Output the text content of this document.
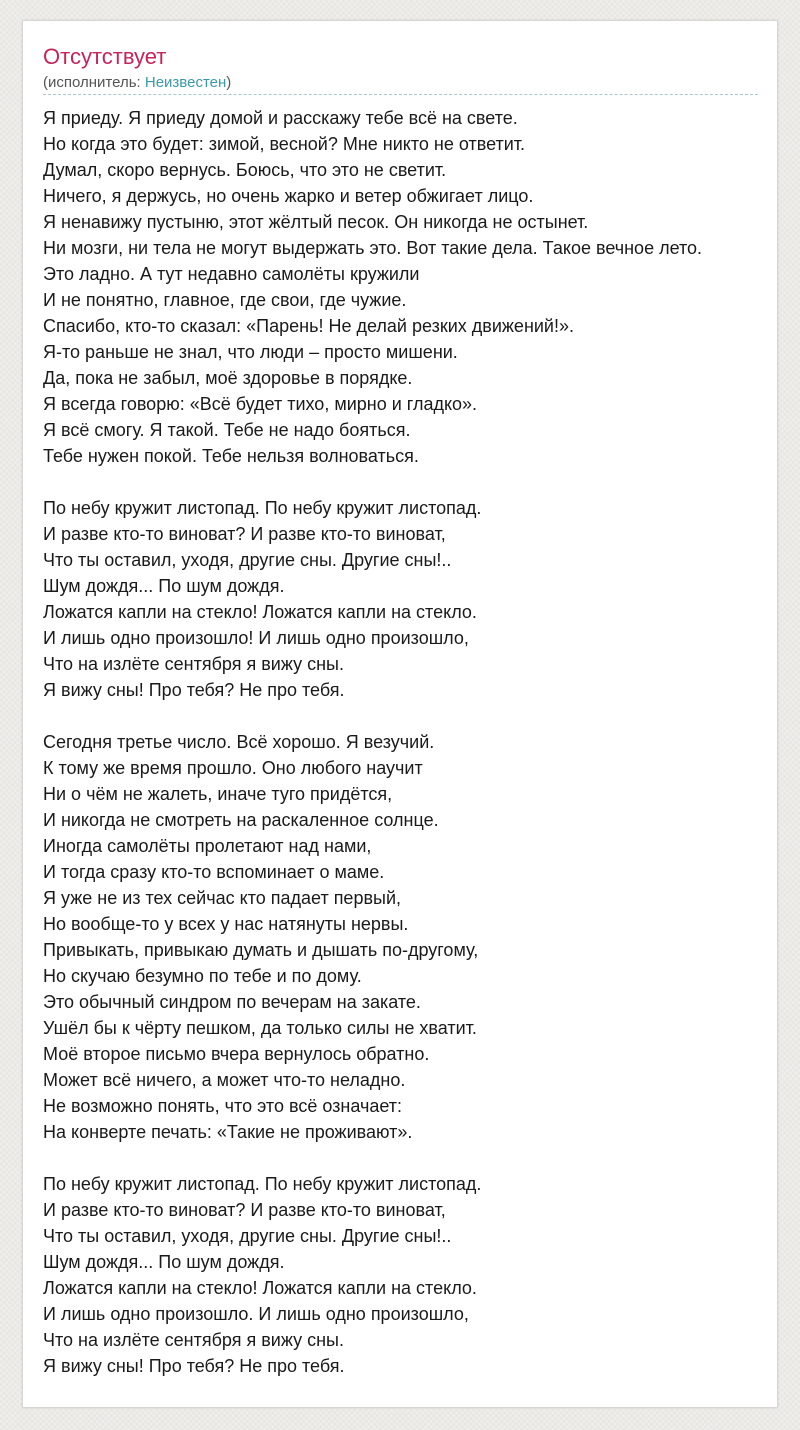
Отсутствует
(исполнитель: Неизвестен)
Я приеду. Я приеду домой и расскажу тебе всё на свете.
Но когда это будет: зимой, весной? Мне никто не ответит.
Думал, скоро вернусь. Боюсь, что это не светит.
Ничего, я держусь, но очень жарко и ветер обжигает лицо.
Я ненавижу пустыню, этот жёлтый песок. Он никогда не остынет.
Ни мозги, ни тела не могут выдержать это. Вот такие дела. Такое вечное лето.
Это ладно. А тут недавно самолёты кружили
И не понятно, главное, где свои, где чужие.
Спасибо, кто-то сказал: «Парень! Не делай резких движений!».
Я-то раньше не знал, что люди – просто мишени.
Да, пока не забыл, моё здоровье в порядке.
Я всегда говорю: «Всё будет тихо, мирно и гладко».
Я всё смогу. Я такой. Тебе не надо бояться.
Тебе нужен покой. Тебе нельзя волноваться.
По небу кружит листопад. По небу кружит листопад.
И разве кто-то виноват? И разве кто-то виноват,
Что ты оставил, уходя, другие сны. Другие сны!..
Шум дождя... По шум дождя.
Ложатся капли на стекло! Ложатся капли на стекло.
И лишь одно произошло! И лишь одно произошло,
Что на излёте сентября я вижу сны.
Я вижу сны! Про тебя? Не про тебя.
Сегодня третье число. Всё хорошо. Я везучий.
К тому же время прошло. Оно любого научит
Ни о чём не жалеть, иначе туго придётся,
И никогда не смотреть на раскаленное солнце.
Иногда самолёты пролетают над нами,
И тогда сразу кто-то вспоминает о маме.
Я уже не из тех сейчас кто падает первый,
Но вообще-то у всех у нас натянуты нервы.
Привыкать, привыкаю думать и дышать по-другому,
Но скучаю безумно по тебе и по дому.
Это обычный синдром по вечерам на закате.
Ушёл бы к чёрту пешком, да только силы не хватит.
Моё второе письмо вчера вернулось обратно.
Может всё ничего, а может что-то неладно.
Не возможно понять, что это всё означает:
На конверте печать: «Такие не проживают».
По небу кружит листопад. По небу кружит листопад.
И разве кто-то виноват? И разве кто-то виноват,
Что ты оставил, уходя, другие сны. Другие сны!..
Шум дождя... По шум дождя.
Ложатся капли на стекло! Ложатся капли на стекло.
И лишь одно произошло. И лишь одно произошло,
Что на излёте сентября я вижу сны.
Я вижу сны! Про тебя? Не про тебя.
